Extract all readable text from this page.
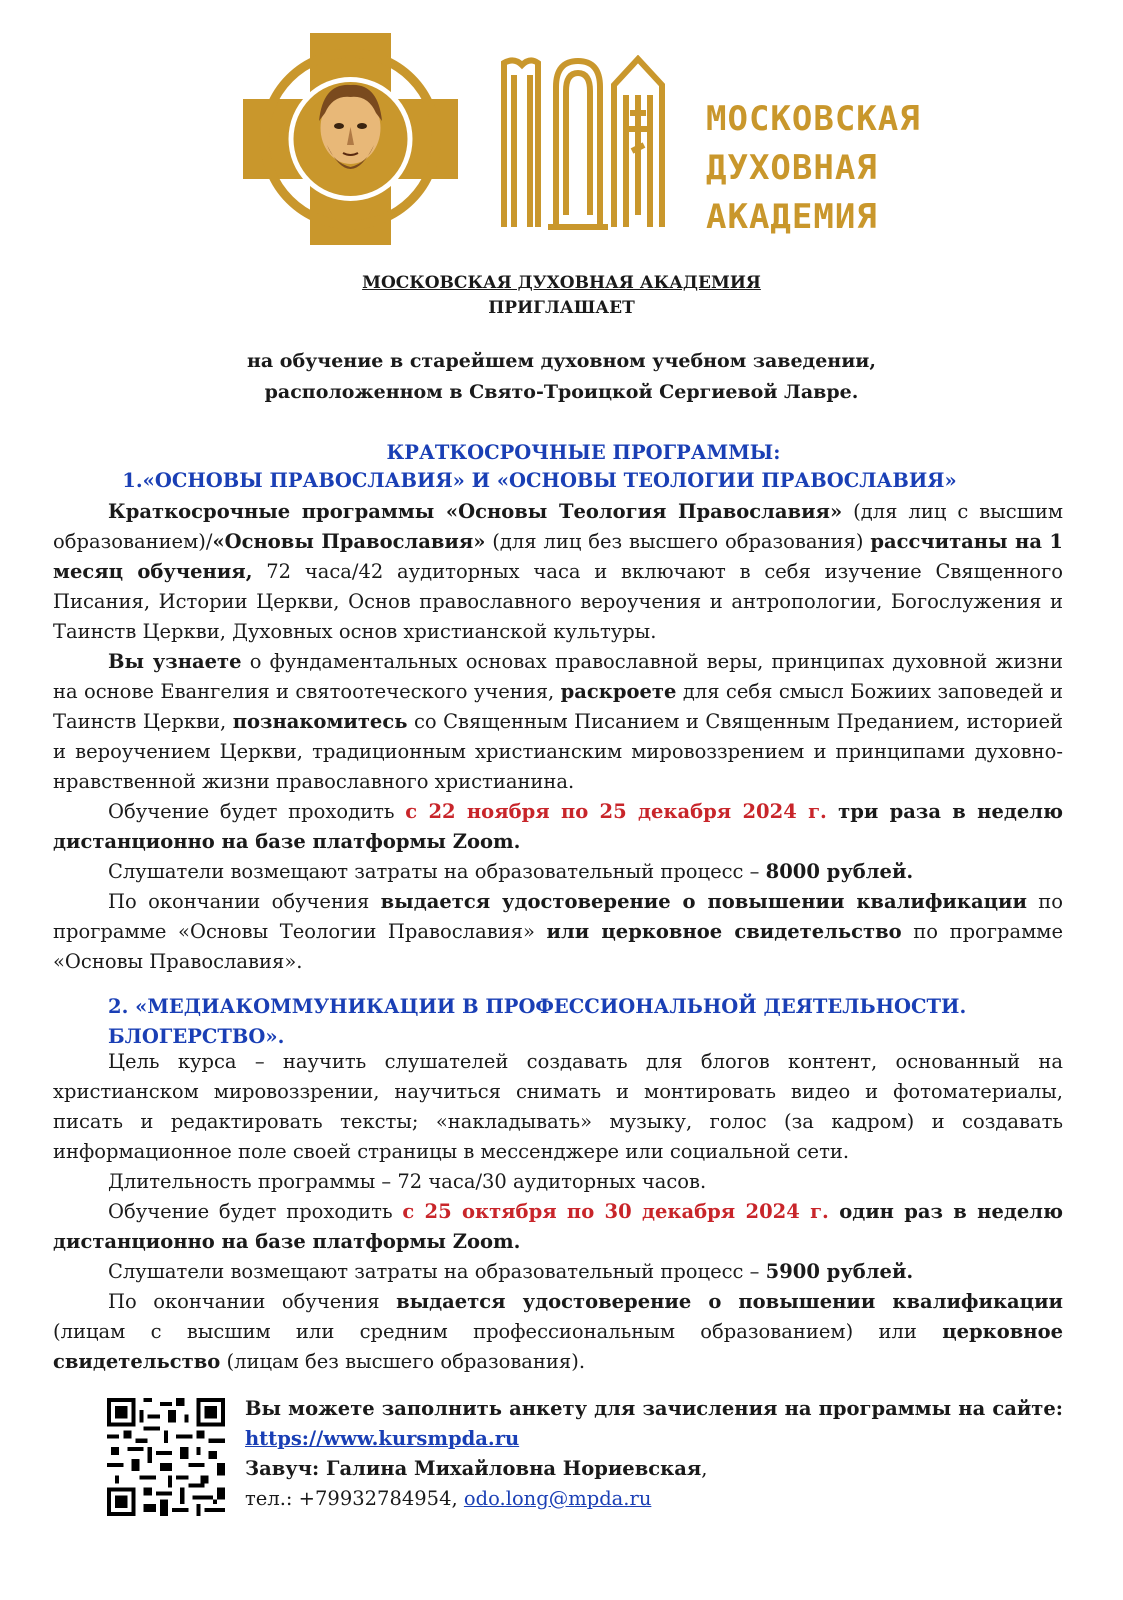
МОСКОВСКАЯ
ДУХОВНАЯ
АКАДЕМИЯ
МОСКОВСКАЯ ДУХОВНАЯ АКАДЕМИЯ
ПРИГЛАШАЕТ
на обучение в старейшем духовном учебном заведении,
расположенном в Свято-Троицкой Сергиевой Лавре.
КРАТКОСРОЧНЫЕ ПРОГРАММЫ:
1.«ОСНОВЫ ПРАВОСЛАВИЯ» И «ОСНОВЫ ТЕОЛОГИИ ПРАВОСЛАВИЯ»

Краткосрочные программы «Основы Теология Православия» (для лиц с высшим образованием)/«Основы Православия» (для лиц без высшего образования) рассчитаны на 1 месяц обучения, 72 часа/42 аудиторных часа и включают в себя изучение Священного Писания, Истории Церкви, Основ православного вероучения и антропологии, Богослужения и Таинств Церкви, Духовных основ христианской культуры.

Вы узнаете о фундаментальных основах православной веры, принципах духовной жизни на основе Евангелия и святоотеческого учения, раскроете для себя смысл Божиих заповедей и Таинств Церкви, познакомитесь со Священным Писанием и Священным Преданием, историей и вероучением Церкви, традиционным христианским мировоззрением и принципами духовно-нравственной жизни православного христианина.

Обучение будет проходить с 22 ноября по 25 декабря 2024 г. три раза в неделю дистанционно на базе платформы Zoom.

Слушатели возмещают затраты на образовательный процесс – 8000 рублей.

По окончании обучения выдается удостоверение о повышении квалификации по программе «Основы Теологии Православия» или церковное свидетельство по программе «Основы Православия».

2. «МЕДИАКОММУНИКАЦИИ В ПРОФЕССИОНАЛЬНОЙ ДЕЯТЕЛЬНОСТИ.
БЛОГЕРСТВО».

Цель курса – научить слушателей создавать для блогов контент, основанный на христианском мировоззрении, научиться снимать и монтировать видео и фотоматериалы, писать и редактировать тексты; «накладывать» музыку, голос (за кадром) и создавать информационное поле своей страницы в мессенджере или социальной сети.

Длительность программы – 72 часа/30 аудиторных часов.

Обучение будет проходить с 25 октября по 30 декабря 2024 г. один раз в неделю дистанционно на базе платформы Zoom.

Слушатели возмещают затраты на образовательный процесс – 5900 рублей.

По окончании обучения выдается удостоверение о повышении квалификации (лицам с высшим или средним профессиональным образованием) или церковное свидетельство (лицам без высшего образования).

Вы можете заполнить анкету для зачисления на программы на сайте: https://www.kursmpda.ru

Завуч: Галина Михайловна Нориевская,

тел.: +79932784954, odo.long@mpda.ru
